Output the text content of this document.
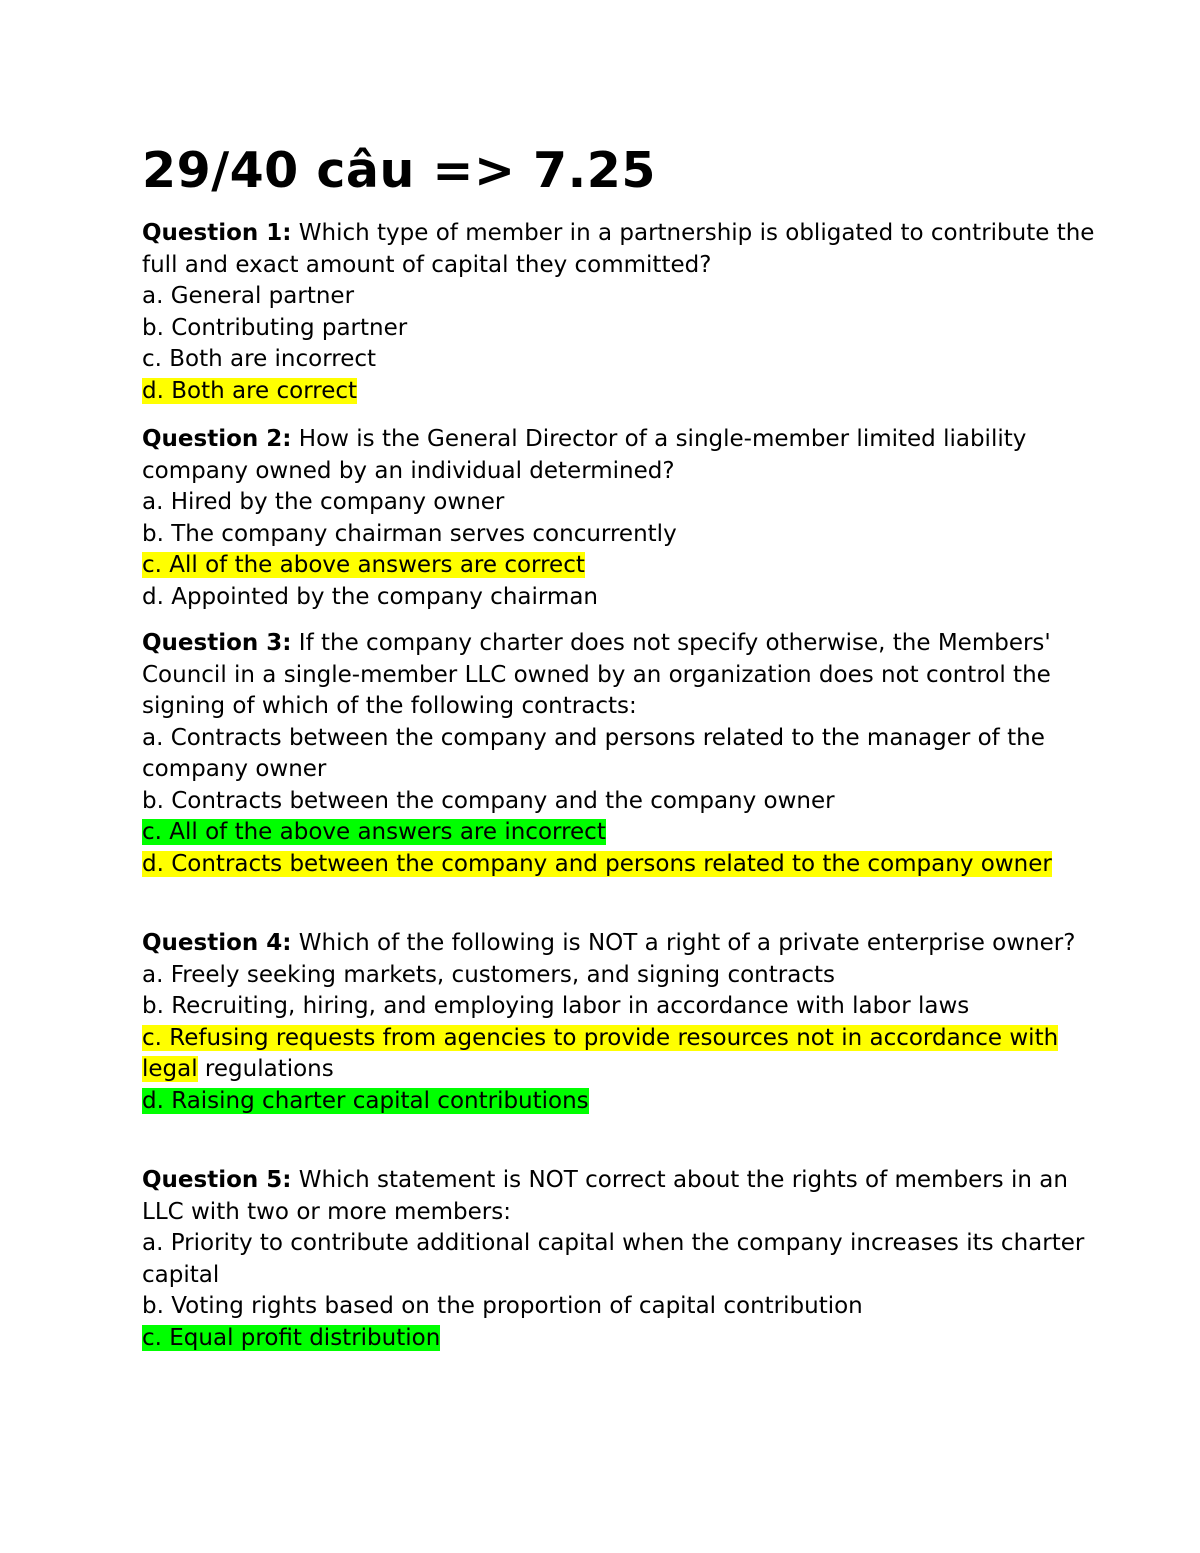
29/40 câu => 7.25

Question 1: Which type of member in a partnership is obligated to contribute the full and exact amount of capital they committed?

a. General partner

b. Contributing partner

c. Both are incorrect

d. Both are correct

Question 2: How is the General Director of a single-member limited liability company owned by an individual determined?

a. Hired by the company owner

b. The company chairman serves concurrently

c. All of the above answers are correct

d. Appointed by the company chairman

Question 3: If the company charter does not specify otherwise, the Members' Council in a single-member LLC owned by an organization does not control the signing of which of the following contracts:

a. Contracts between the company and persons related to the manager of the company owner

b. Contracts between the company and the company owner

c. All of the above answers are incorrect

d. Contracts between the company and persons related to the company owner

Question 4: Which of the following is NOT a right of a private enterprise owner?

a. Freely seeking markets, customers, and signing contracts

b. Recruiting, hiring, and employing labor in accordance with labor laws

c. Refusing requests from agencies to provide resources not in accordance with legal regulations

d. Raising charter capital contributions

Question 5: Which statement is NOT correct about the rights of members in an LLC with two or more members:

a. Priority to contribute additional capital when the company increases its charter capital

b. Voting rights based on the proportion of capital contribution

c. Equal profit distribution
